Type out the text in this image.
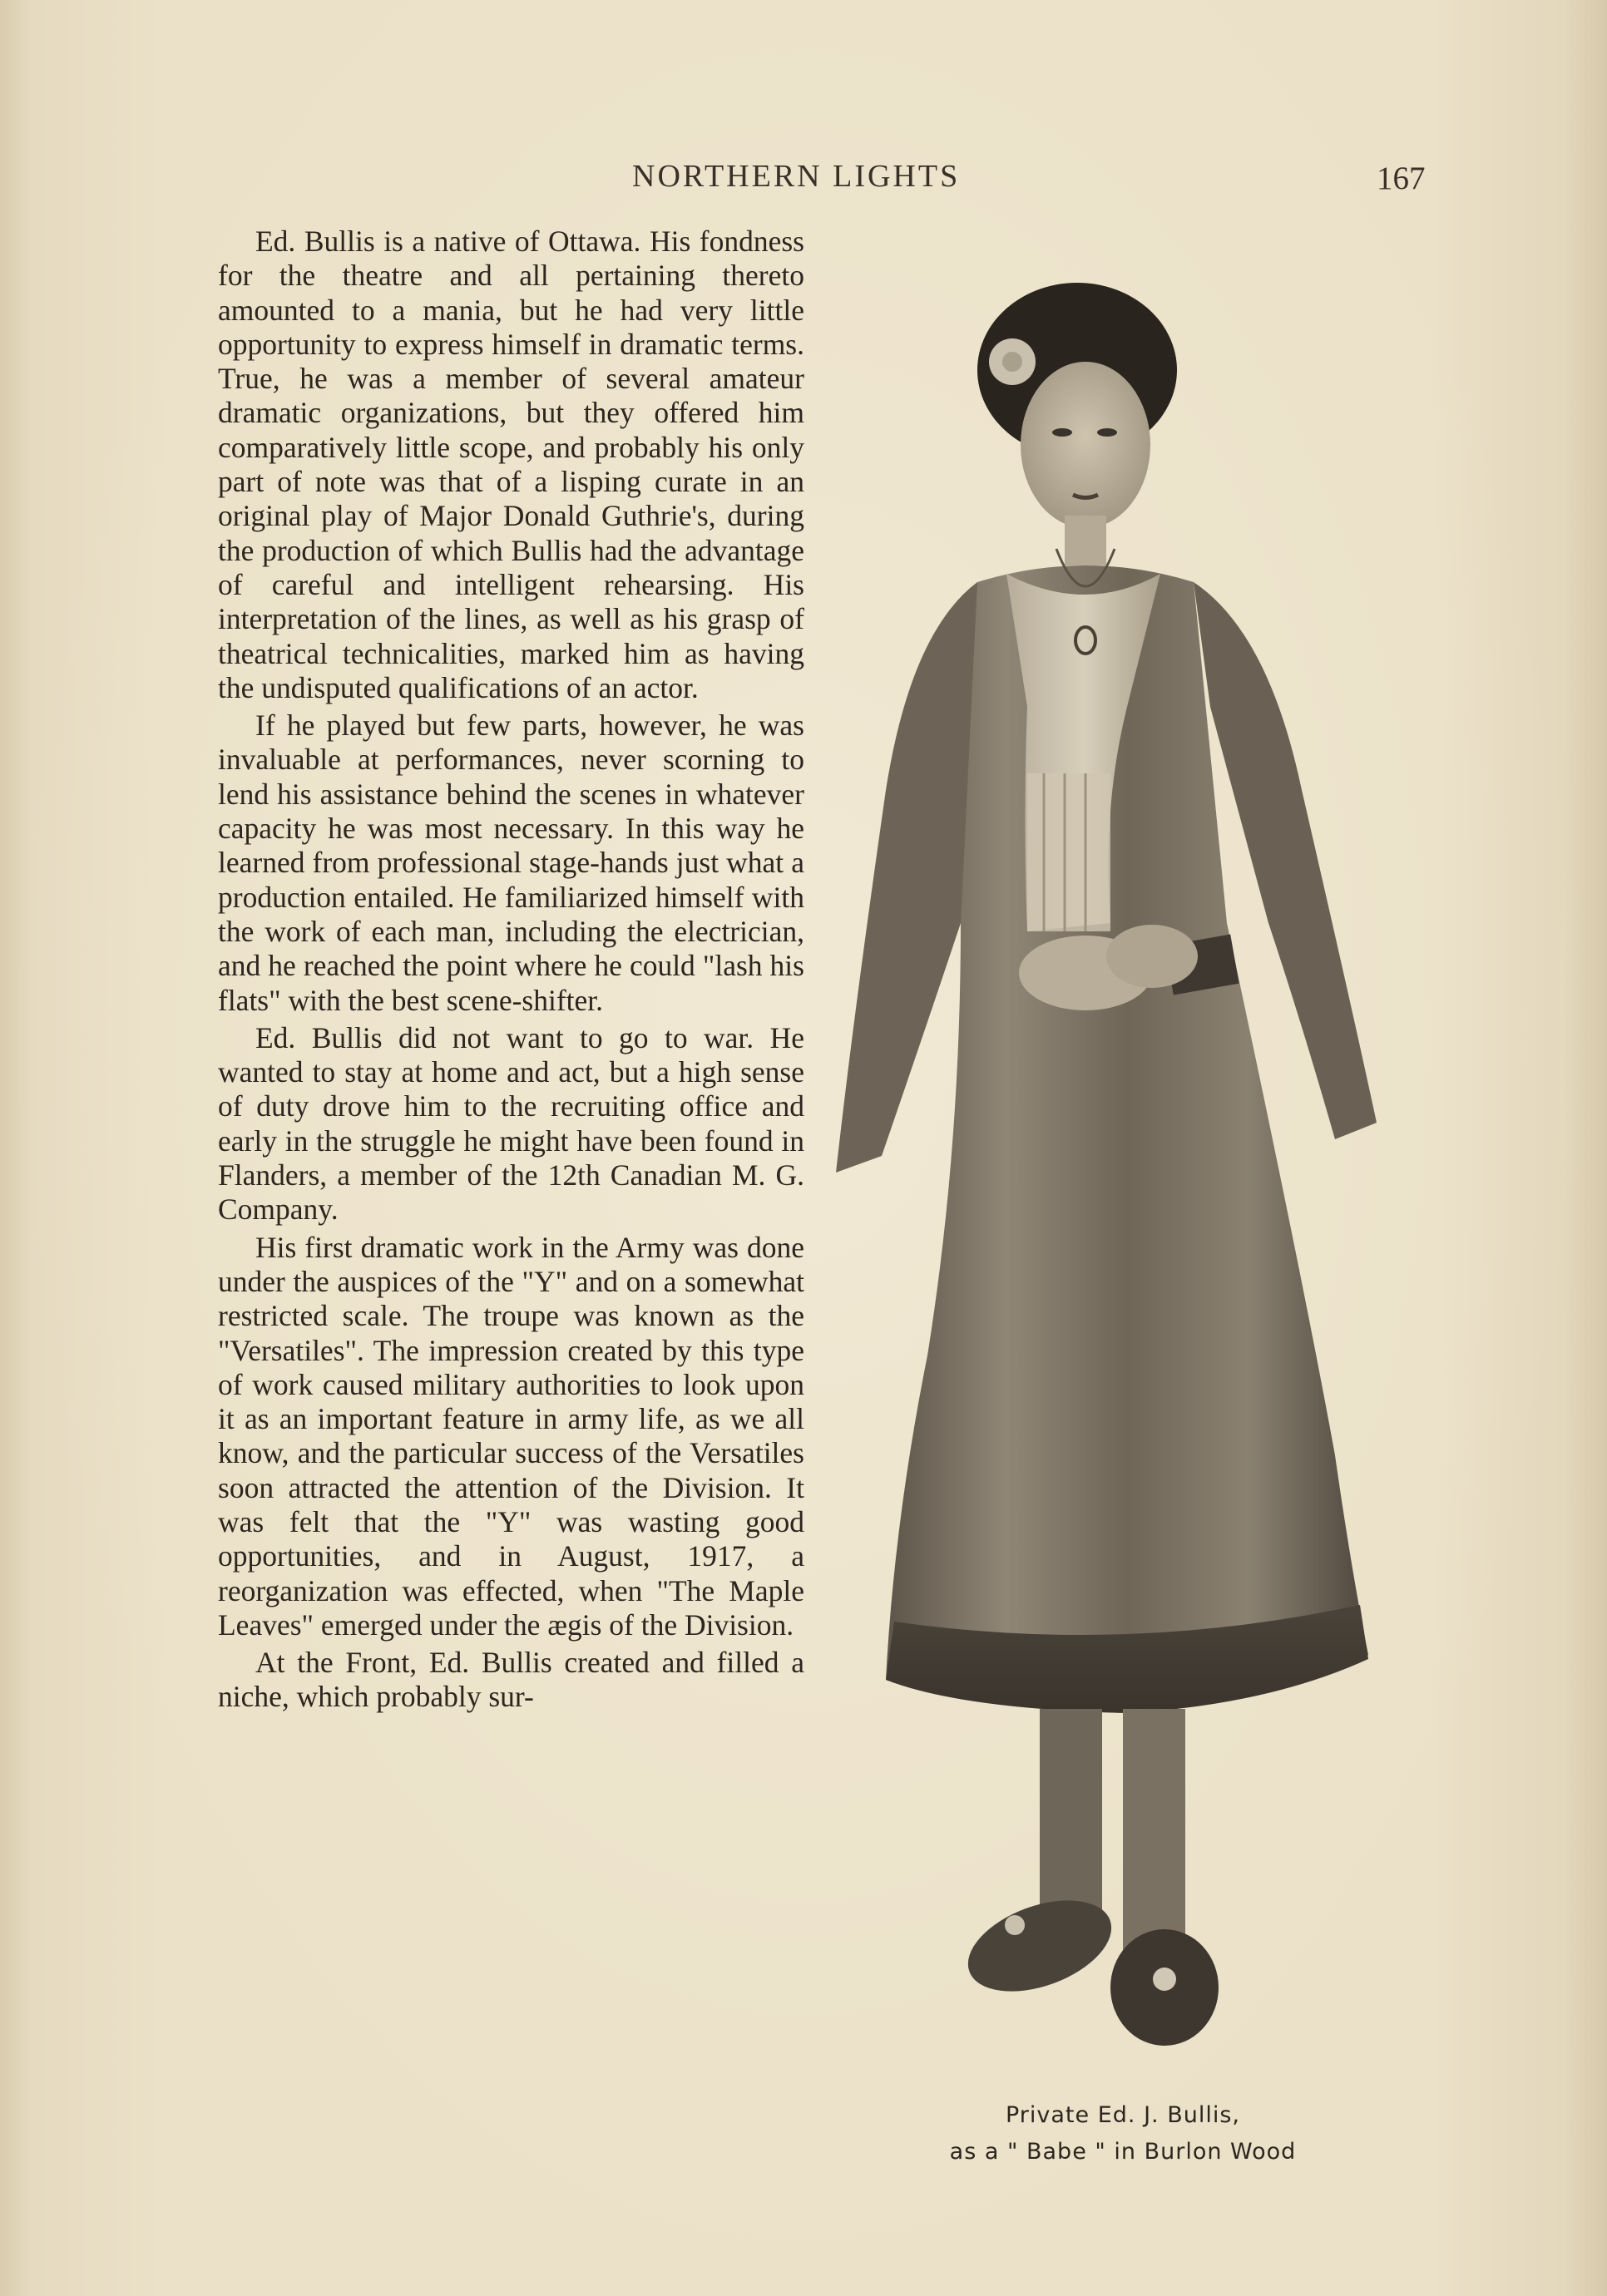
NORTHERN LIGHTS	167

Ed. Bullis is a native of Ottawa. His fondness for the theatre and all pertaining thereto amounted to a mania, but he had very little opportunity to express himself in dramatic terms. True, he was a member of several amateur dramatic organizations, but they offered him comparatively little scope, and probably his only part of note was that of a lisping curate in an original play of Major Donald Guthrie's, during the production of which Bullis had the advantage of careful and intelligent rehearsing. His interpretation of the lines, as well as his grasp of theatrical technicalities, marked him as having the undisputed qualifications of an actor.

If he played but few parts, however, he was invaluable at performances, never scorning to lend his assistance behind the scenes in whatever capacity he was most necessary. In this way he learned from professional stage-hands just what a production entailed. He familiarized himself with the work of each man, including the electrician, and he reached the point where he could "lash his flats" with the best scene-shifter.

Ed. Bullis did not want to go to war. He wanted to stay at home and act, but a high sense of duty drove him to the recruiting office and early in the struggle he might have been found in Flanders, a member of the 12th Canadian M. G. Company.

His first dramatic work in the Army was done under the auspices of the "Y" and on a somewhat restricted scale. The troupe was known as the "Versatiles". The impression created by this type of work caused military authorities to look upon it as an important feature in army life, as we all know, and the particular success of the Versatiles soon attracted the attention of the Division. It was felt that the "Y" was wasting good opportunities, and in August, 1917, a reorganization was effected, when "The Maple Leaves" emerged under the ægis of the Division.

At the Front, Ed. Bullis created and filled a niche, which probably sur-

Private Ed. J. Bullis,
as a " Babe " in Burlon Wood
